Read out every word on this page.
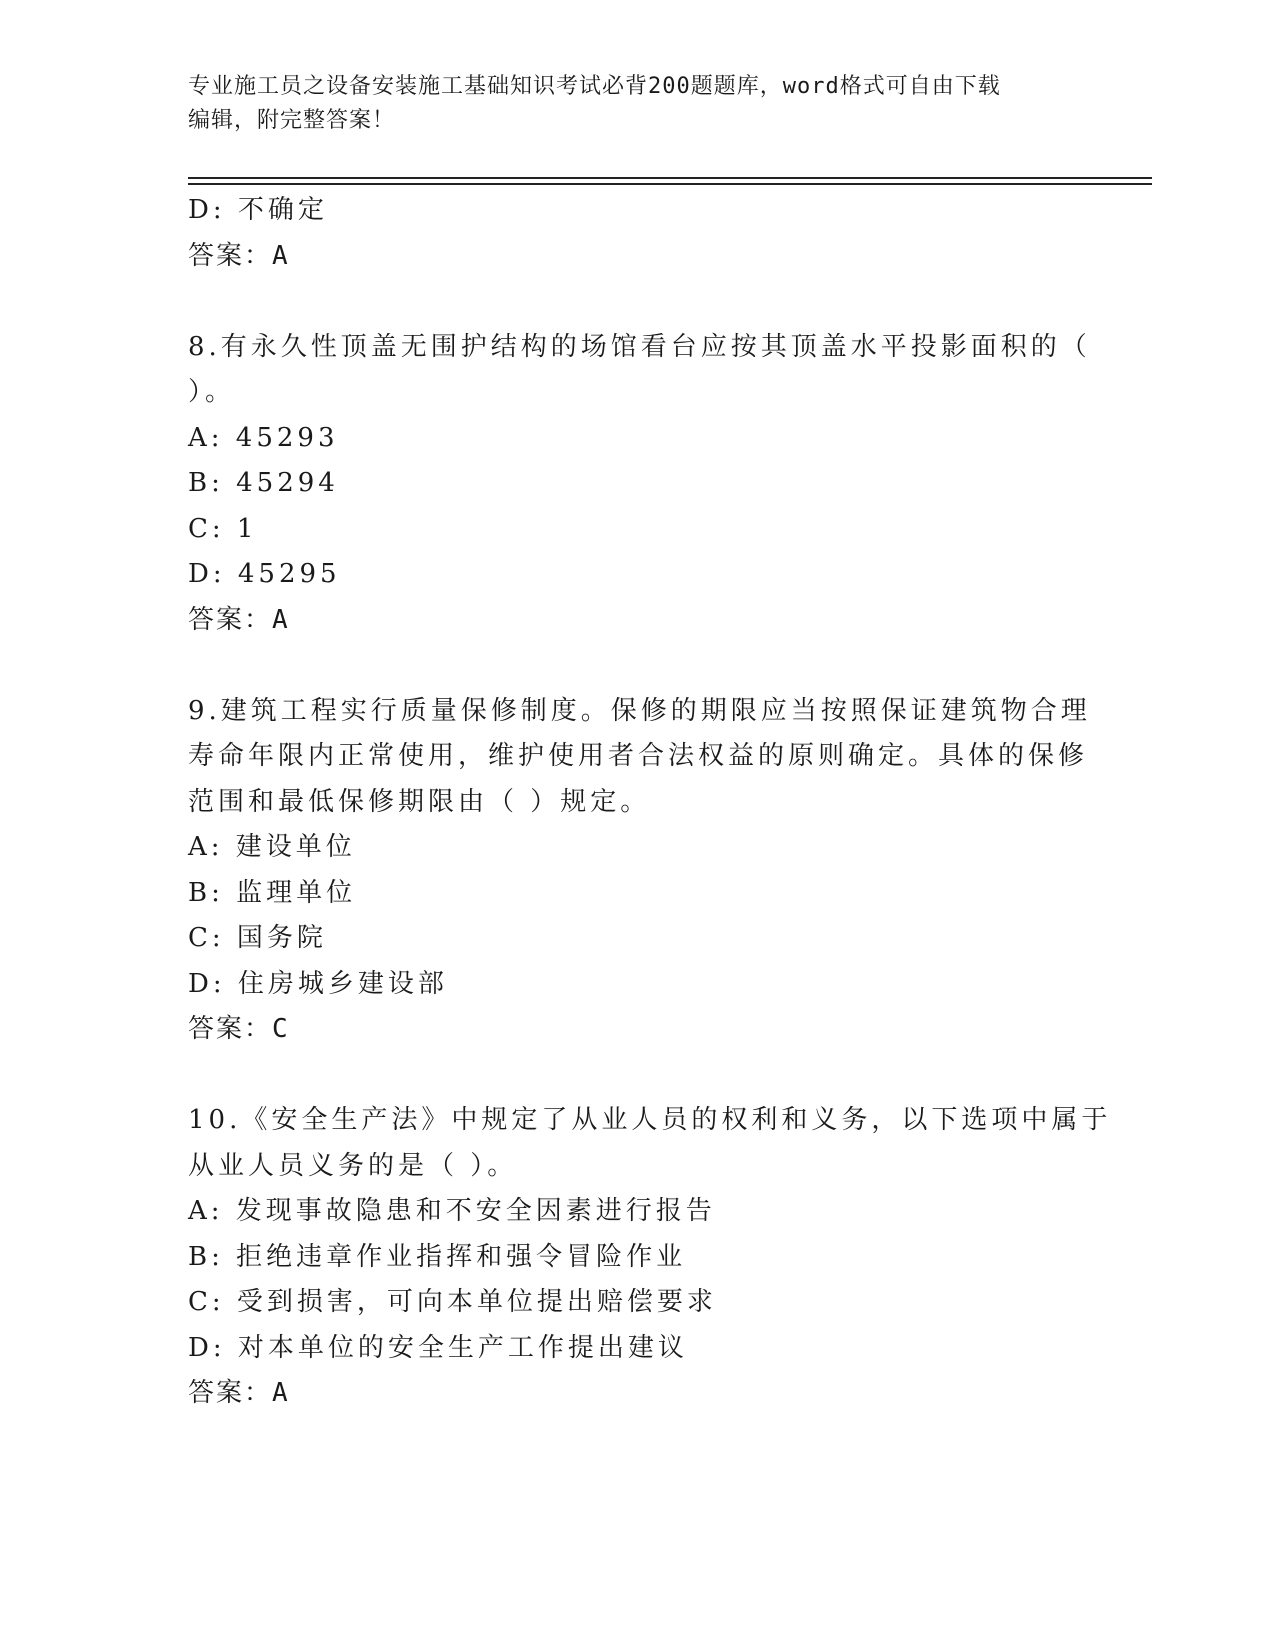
专业施工员之设备安装施工基础知识考试必背200题题库，word格式可自由下载
编辑，附完整答案！
D: 不确定
答案：A
8.有永久性顶盖无围护结构的场馆看台应按其顶盖水平投影面积的（
）。
A: 45293
B: 45294
C: 1
D: 45295
答案：A
9.建筑工程实行质量保修制度。保修的期限应当按照保证建筑物合理
寿命年限内正常使用，维护使用者合法权益的原则确定。具体的保修
范围和最低保修期限由（ ）规定。
A: 建设单位
B: 监理单位
C: 国务院
D: 住房城乡建设部
答案：C
10.《安全生产法》中规定了从业人员的权利和义务，以下选项中属于
从业人员义务的是（ ）。
A: 发现事故隐患和不安全因素进行报告
B: 拒绝违章作业指挥和强令冒险作业
C: 受到损害，可向本单位提出赔偿要求
D: 对本单位的安全生产工作提出建议
答案：A
